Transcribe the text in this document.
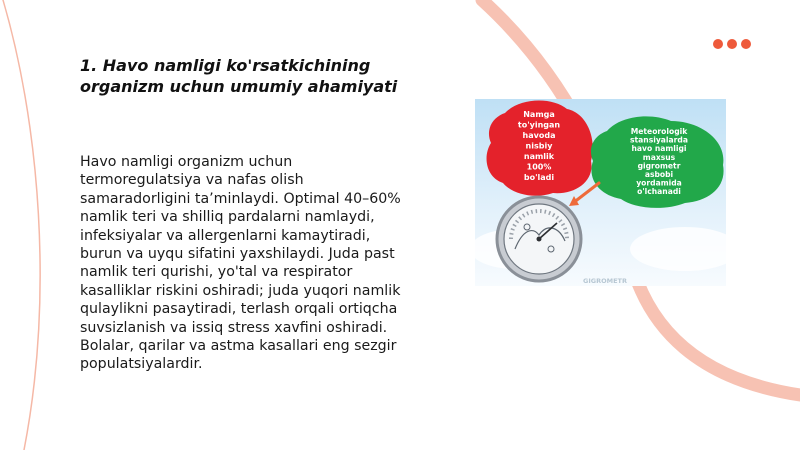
1. Havo namligi ko'rsatkichining
organizm uchun umumiy ahamiyati
Havo namligi organizm uchun
termoregulatsiya va nafas olish
samaradorligini ta’minlaydi. Optimal 40–60%
namlik teri va shilliq pardalarni namlaydi,
infeksiyalar va allergenlarni kamaytiradi,
burun va uyqu sifatini yaxshilaydi. Juda past
namlik teri qurishi, yo'tal va respirator
kasalliklar riskini oshiradi; juda yuqori namlik
qulaylikni pasaytiradi, terlash orqali ortiqcha
suvsizlanish va issiq stress xavfini oshiradi.
Bolalar, qarilar va astma kasallari eng sezgir
populatsiyalardir.
Namga to'yingan havoda nisbiy namlik 100% bo'ladi
Meteorologik stansiyalarda havo namligi maxsus gigrometr asbobi yordamida o'lchanadi
GIGROMETR
